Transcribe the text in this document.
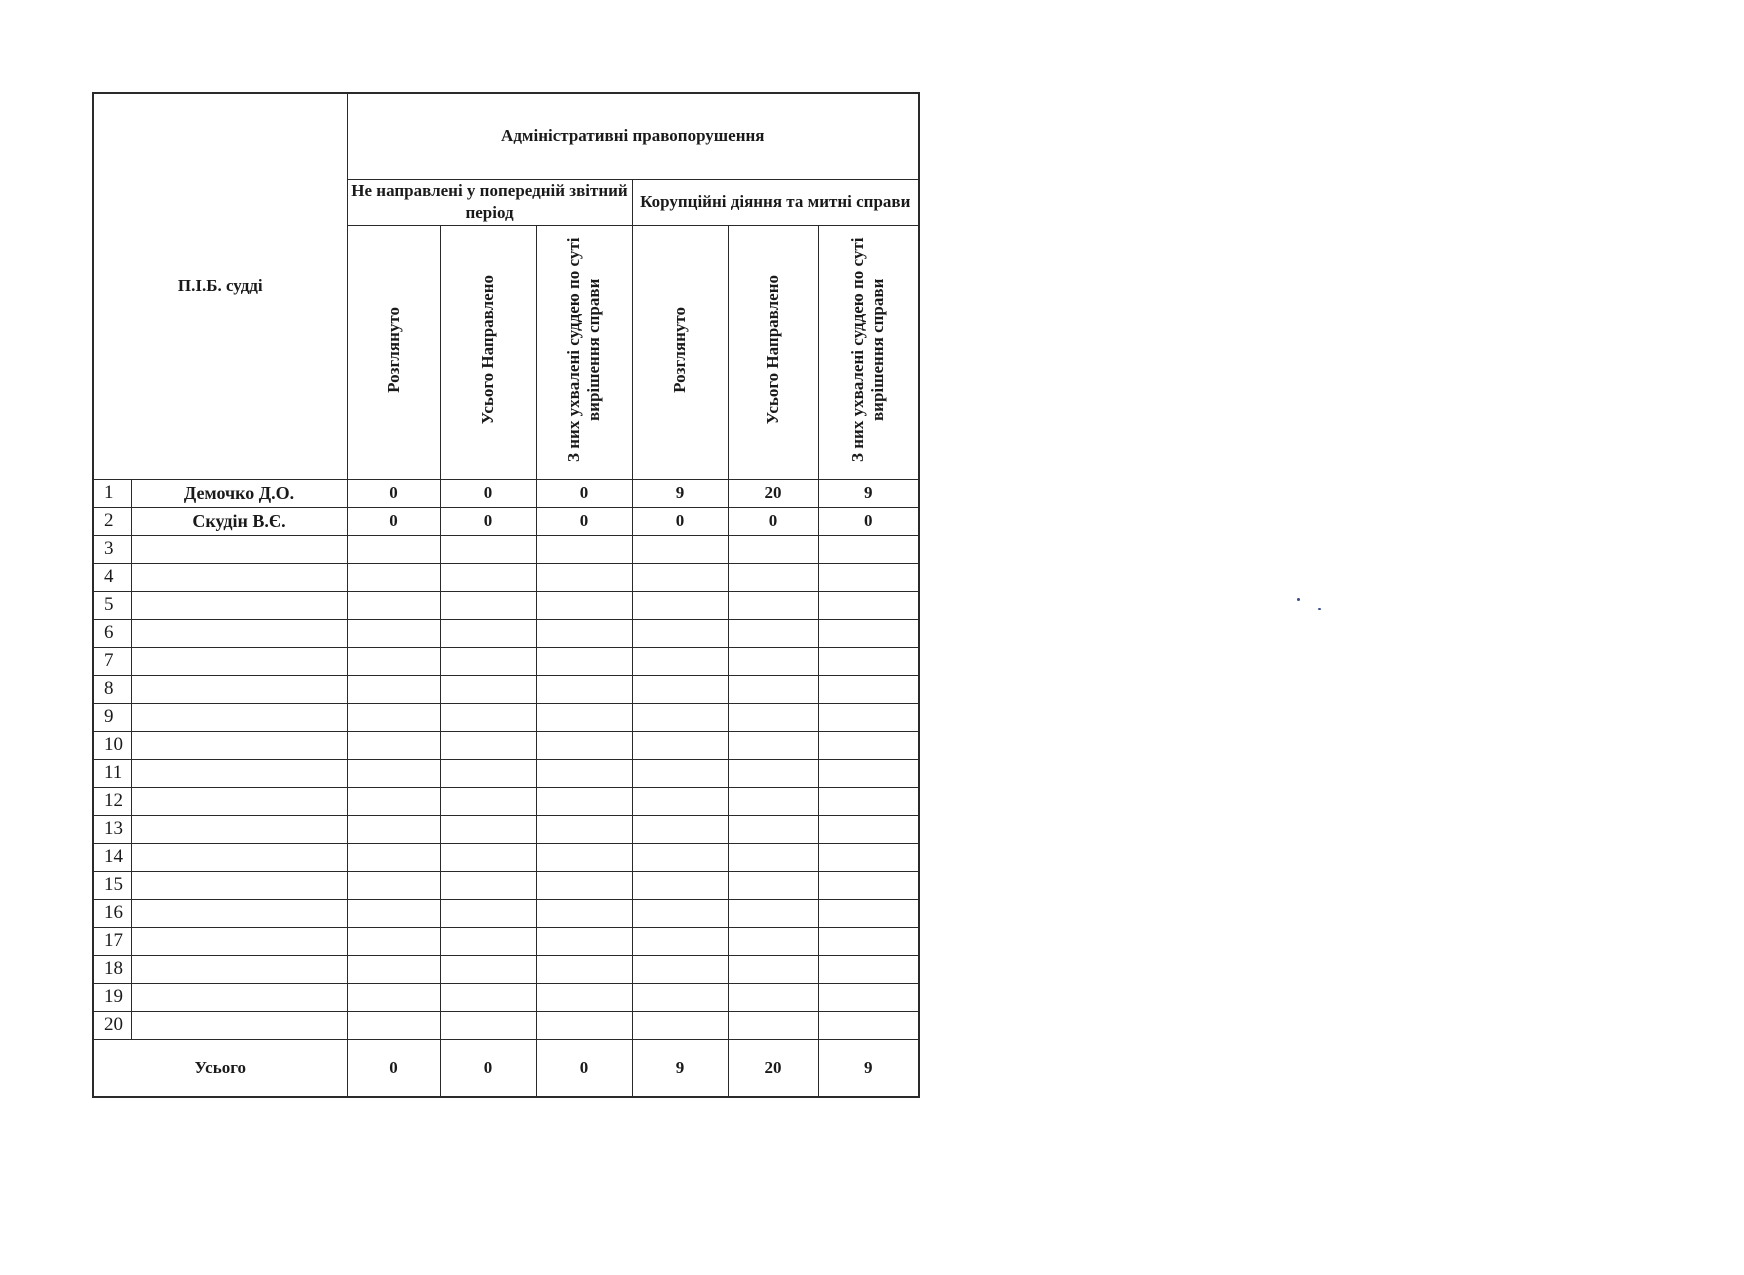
П.І.Б. судді		Адміністративні правопорушення					
		Не направлені у попередній звітний період			Корупційні діяння та митні справи		
		Розглянуто	Усього Направлено	З них ухвалені суддею по суті вирішення справи	Розглянуто	Усього Направлено	З них ухвалені суддею по суті вирішення справи
1	Демочко Д.О.	0	0	0	9	20	9
2	Скудін В.Є.	0	0	0	0	0	0
3							
4							
5							
6							
7							
8							
9							
10							
11							
12							
13							
14							
15							
16							
17							
18							
19							
20							
Усього		0	0	0	9	20	9
